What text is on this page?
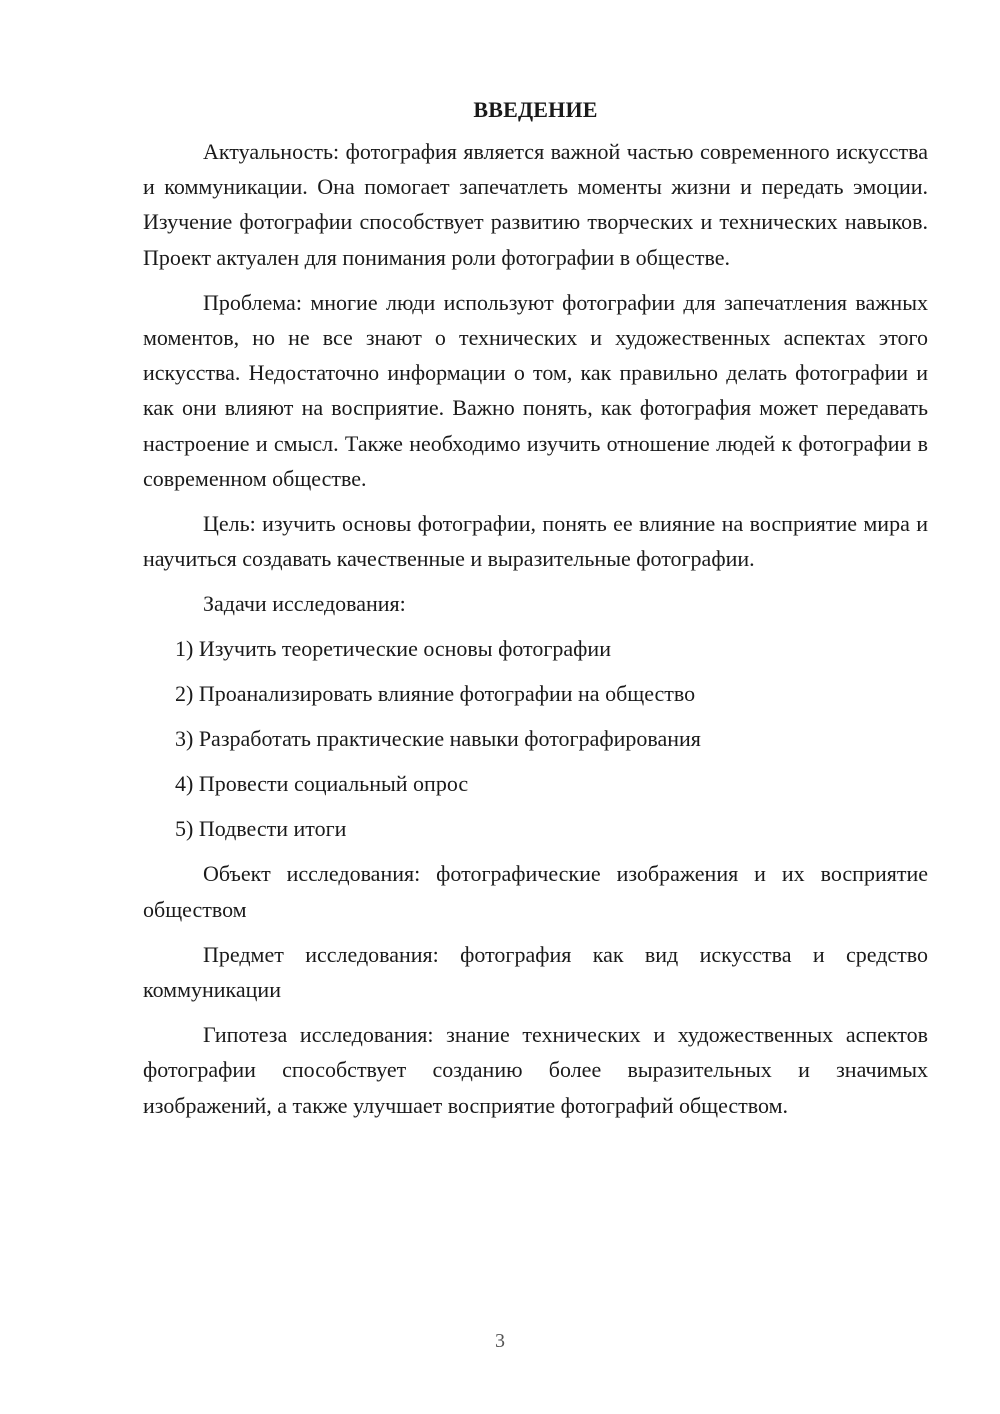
ВВЕДЕНИЕ

Актуальность: фотография является важной частью современного искусства и коммуникации. Она помогает запечатлеть моменты жизни и передать эмоции. Изучение фотографии способствует развитию творческих и технических навыков. Проект актуален для понимания роли фотографии в обществе.

Проблема: многие люди используют фотографии для запечатления важных моментов, но не все знают о технических и художественных аспектах этого искусства. Недостаточно информации о том, как правильно делать фотографии и как они влияют на восприятие. Важно понять, как фотография может передавать настроение и смысл. Также необходимо изучить отношение людей к фотографии в современном обществе.

Цель: изучить основы фотографии, понять ее влияние на восприятие мира и научиться создавать качественные и выразительные фотографии.

Задачи исследования:
1) Изучить теоретические основы фотографии
2) Проанализировать влияние фотографии на общество
3) Разработать практические навыки фотографирования
4) Провести социальный опрос
5) Подвести итоги

Объект исследования: фотографические изображения и их восприятие обществом

Предмет исследования: фотография как вид искусства и средство коммуникации

Гипотеза исследования: знание технических и художественных аспектов фотографии способствует созданию более выразительных и значимых изображений, а также улучшает восприятие фотографий обществом.

3
